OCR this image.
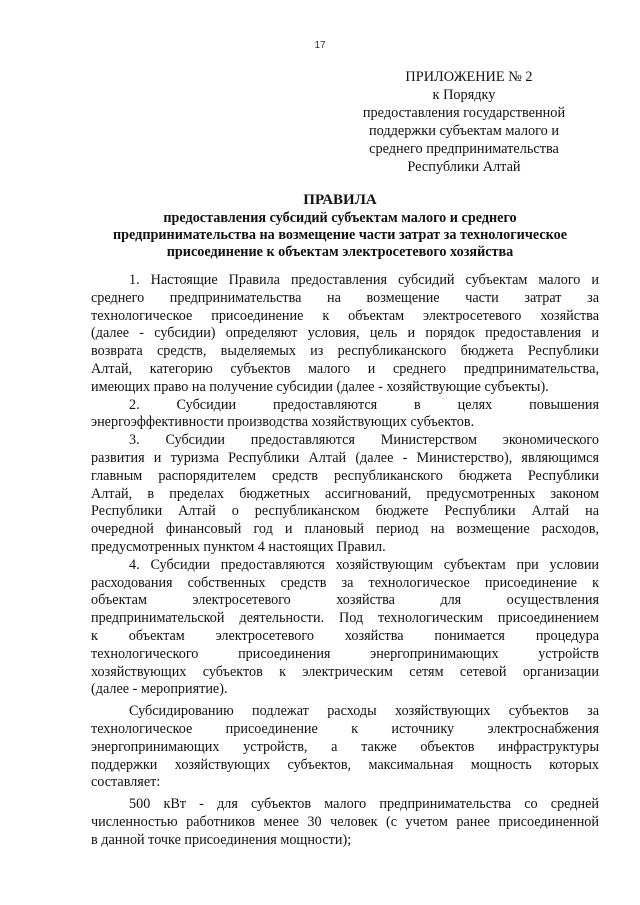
17
ПРИЛОЖЕНИЕ № 2
к Порядку
предоставления государственной
поддержки субъектам малого и
среднего предпринимательства
Республики Алтай
ПРАВИЛА
предоставления субсидий субъектам малого и среднего
предпринимательства на возмещение части затрат за технологическое
присоединение к объектам электросетевого хозяйства
1. Настоящие Правила предоставления субсидий субъектам малого и
среднего предпринимательства на возмещение части затрат за
технологическое присоединение к объектам электросетевого хозяйства
(далее - субсидии) определяют условия, цель и порядок предоставления и
возврата средств, выделяемых из республиканского бюджета Республики
Алтай, категорию субъектов малого и среднего предпринимательства,
имеющих право на получение субсидии (далее - хозяйствующие субъекты).
2. Субсидии предоставляются в целях повышения
энергоэффективности производства хозяйствующих субъектов.
3. Субсидии предоставляются Министерством экономического
развития и туризма Республики Алтай (далее - Министерство), являющимся
главным распорядителем средств республиканского бюджета Республики
Алтай, в пределах бюджетных ассигнований, предусмотренных законом
Республики Алтай о республиканском бюджете Республики Алтай на
очередной финансовый год и плановый период на возмещение расходов,
предусмотренных пунктом 4 настоящих Правил.
4. Субсидии предоставляются хозяйствующим субъектам при условии
расходования собственных средств за технологическое присоединение к
объектам электросетевого хозяйства для осуществления
предпринимательской деятельности. Под технологическим присоединением
к объектам электросетевого хозяйства понимается процедура
технологического присоединения энергопринимающих устройств
хозяйствующих субъектов к электрическим сетям сетевой организации
(далее - мероприятие).
Субсидированию подлежат расходы хозяйствующих субъектов за
технологическое присоединение к источнику электроснабжения
энергопринимающих устройств, а также объектов инфраструктуры
поддержки хозяйствующих субъектов, максимальная мощность которых
составляет:
500 кВт - для субъектов малого предпринимательства со средней
численностью работников менее 30 человек (с учетом ранее присоединенной
в данной точке присоединения мощности);
